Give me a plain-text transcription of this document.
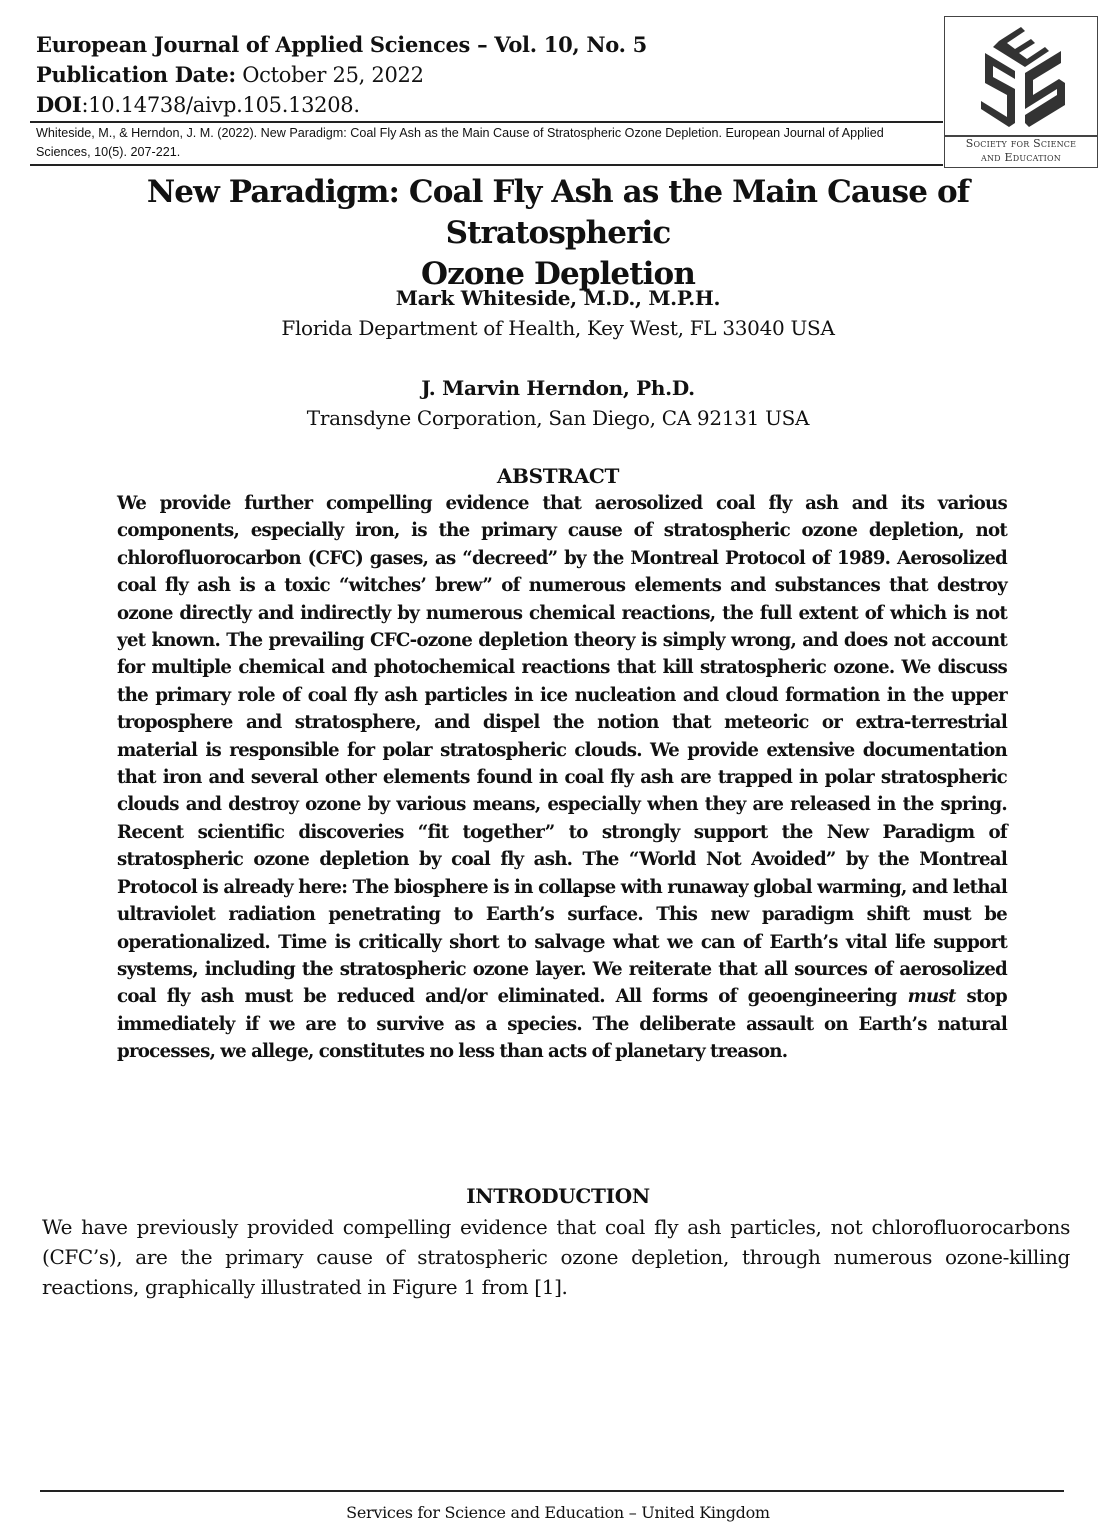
European Journal of Applied Sciences – Vol. 10, No. 5
Publication Date: October 25, 2022
DOI:10.14738/aivp.105.13208.
Whiteside, M., & Herndon, J. M. (2022). New Paradigm: Coal Fly Ash as the Main Cause of Stratospheric Ozone Depletion. European Journal of Applied Sciences, 10(5). 207-221.
Society for Science
and Education
New Paradigm: Coal Fly Ash as the Main Cause of Stratospheric
Ozone Depletion
Mark Whiteside, M.D., M.P.H.
Florida Department of Health, Key West, FL 33040 USA
J. Marvin Herndon, Ph.D.
Transdyne Corporation, San Diego, CA 92131 USA
ABSTRACT
We provide further compelling evidence that aerosolized coal fly ash and its various components, especially iron, is the primary cause of stratospheric ozone depletion, not chlorofluorocarbon (CFC) gases, as “decreed” by the Montreal Protocol of 1989. Aerosolized coal fly ash is a toxic “witches’ brew” of numerous elements and substances that destroy ozone directly and indirectly by numerous chemical reactions, the full extent of which is not yet known. The prevailing CFC-ozone depletion theory is simply wrong, and does not account for multiple chemical and photochemical reactions that kill stratospheric ozone. We discuss the primary role of coal fly ash particles in ice nucleation and cloud formation in the upper troposphere and stratosphere, and dispel the notion that meteoric or extra-terrestrial material is responsible for polar stratospheric clouds. We provide extensive documentation that iron and several other elements found in coal fly ash are trapped in polar stratospheric clouds and destroy ozone by various means, especially when they are released in the spring. Recent scientific discoveries “fit together” to strongly support the New Paradigm of stratospheric ozone depletion by coal fly ash. The “World Not Avoided” by the Montreal Protocol is already here: The biosphere is in collapse with runaway global warming, and lethal ultraviolet radiation penetrating to Earth’s surface. This new paradigm shift must be operationalized. Time is critically short to salvage what we can of Earth’s vital life support systems, including the stratospheric ozone layer. We reiterate that all sources of aerosolized coal fly ash must be reduced and/or eliminated. All forms of geoengineering must stop immediately if we are to survive as a species. The deliberate assault on Earth’s natural processes, we allege, constitutes no less than acts of planetary treason.
INTRODUCTION
We have previously provided compelling evidence that coal fly ash particles, not chlorofluorocarbons (CFC’s), are the primary cause of stratospheric ozone depletion, through numerous ozone-killing reactions, graphically illustrated in Figure 1 from [1].
Services for Science and Education – United Kingdom
